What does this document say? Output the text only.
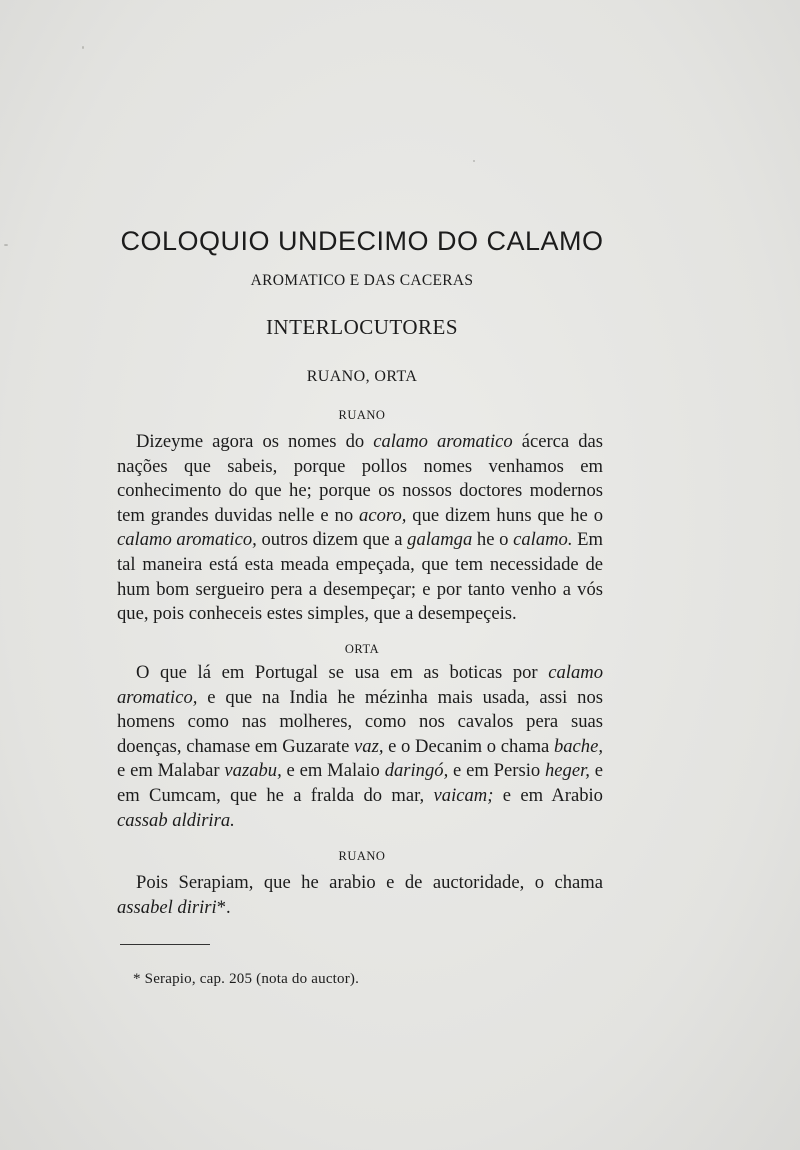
COLOQUIO UNDECIMO DO CALAMO
AROMATICO E DAS CACERAS
INTERLOCUTORES
RUANO, ORTA
RUANO

Dizeyme agora os nomes do calamo aromatico ácerca das nações que sabeis, porque pollos nomes venhamos em conhecimento do que he; porque os nossos doctores modernos tem grandes duvidas nelle e no acoro, que dizem huns que he o calamo aromatico, outros dizem que a galamga he o calamo. Em tal maneira está esta meada empeçada, que tem necessidade de hum bom sergueiro pera a desempeçar; e por tanto venho a vós que, pois conheceis estes simples, que a desempeçeis.

ORTA

O que lá em Portugal se usa em as boticas por calamo aromatico, e que na India he mézinha mais usada, assi nos homens como nas molheres, como nos cavalos pera suas doenças, chamase em Guzarate vaz, e o Decanim o chama bache, e em Malabar vazabu, e em Malaio daringó, e em Persio heger, e em Cumcam, que he a fralda do mar, vaicam; e em Arabio cassab aldirira.

RUANO

Pois Serapiam, que he arabio e de auctoridade, o chama assabel diriri*.

* Serapio, cap. 205 (nota do auctor).
